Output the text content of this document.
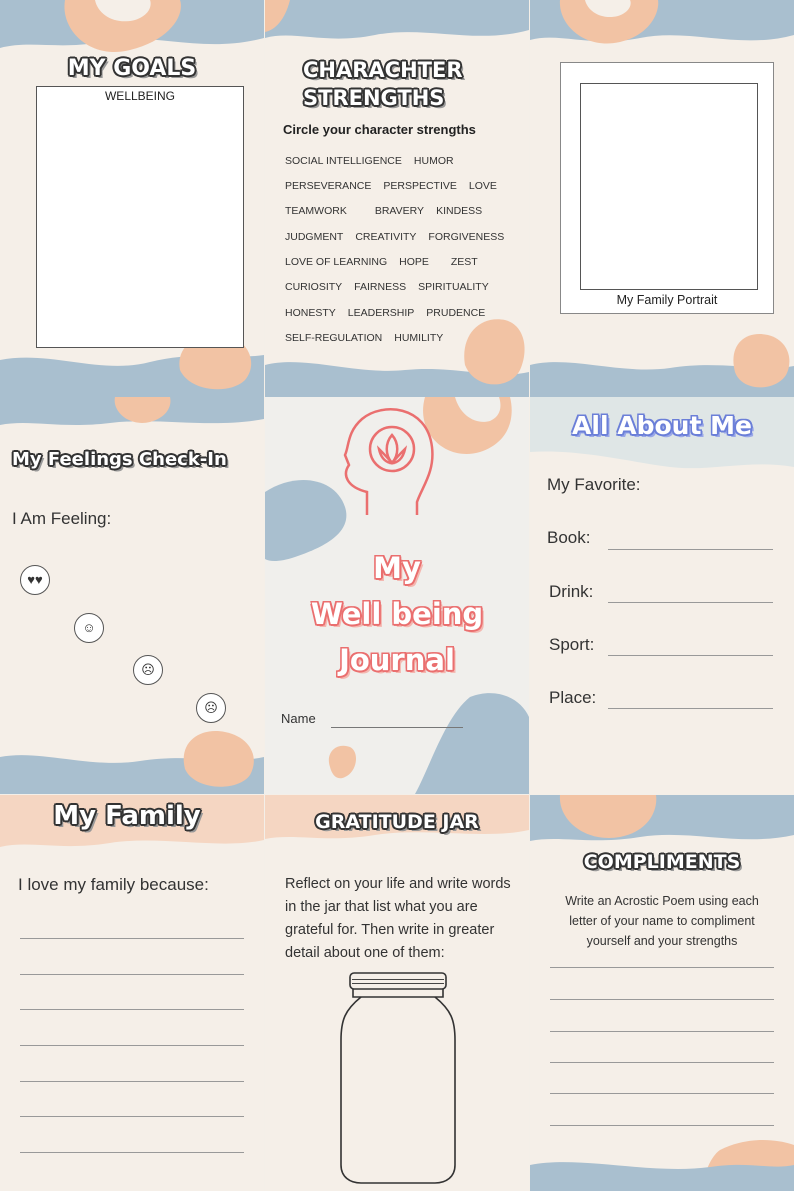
MY GOALS
WELLBEING
CHARACHTER
STRENGTHS
Circle your character strengths
SOCIAL INTELLIGENCE HUMOR
PERSEVERANCE PERSPECTIVE LOVE
TEAMWORK	BRAVERY KINDESS
JUDGMENT CREATIVITY FORGIVENESS
LOVE OF LEARNING HOPE ZEST
CURIOSITY FAIRNESS SPIRITUALITY
HONESTY LEADERSHIP PRUDENCE
SELF-REGULATION HUMILITY
My Family Portrait
My Feelings Check-In
I Am Feeling:
♥♥
☺
☹
☹
My
Well being
Journal
Name
All About Me
My Favorite:
Book:
Drink:
Sport:
Place:
My Family
I love my family because:
GRATITUDE JAR
Reflect on your life and write words in the jar that list what you are grateful for. Then write in greater detail about one of them:
COMPLIMENTS
Write an Acrostic Poem using each letter of your name to compliment yourself and your strengths
